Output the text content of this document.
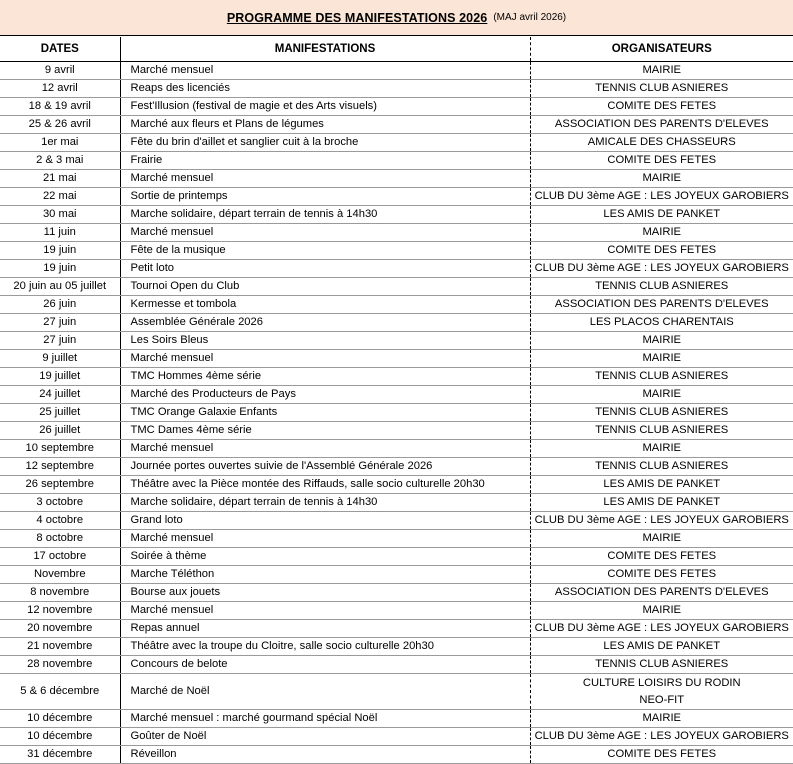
PROGRAMME DES MANIFESTATIONS 2026 (MAJ avril 2026)
DATES	MANIFESTATIONS	ORGANISATEURS
9 avril	Marché mensuel	MAIRIE

12 avril	Reaps des licenciés	TENNIS CLUB ASNIERES

18 & 19 avril	Fest'Illusion (festival de magie et des Arts visuels)	COMITE DES FETES

25 & 26 avril	Marché aux fleurs et Plans de légumes	ASSOCIATION DES PARENTS D'ELEVES

1er mai	Fête du brin d'aillet et sanglier cuit à la broche	AMICALE DES CHASSEURS

2 & 3 mai	Frairie	COMITE DES FETES

21 mai	Marché mensuel	MAIRIE

22 mai	Sortie de printemps	CLUB DU 3ème AGE : LES JOYEUX GAROBIERS

30 mai	Marche solidaire, départ terrain de tennis à 14h30	LES AMIS DE PANKET

11 juin	Marché mensuel	MAIRIE

19 juin	Fête de la musique	COMITE DES FETES

19 juin	Petit loto	CLUB DU 3ème AGE : LES JOYEUX GAROBIERS

20 juin au 05 juillet	Tournoi Open du Club	TENNIS CLUB ASNIERES

26 juin	Kermesse et tombola	ASSOCIATION DES PARENTS D'ELEVES

27 juin	Assemblée Générale 2026	LES PLACOS CHARENTAIS

27 juin	Les Soirs Bleus	MAIRIE

9 juillet	Marché mensuel	MAIRIE

19 juillet	TMC Hommes 4ème série	TENNIS CLUB ASNIERES

24 juillet	Marché des Producteurs de Pays	MAIRIE

25 juillet	TMC Orange Galaxie Enfants	TENNIS CLUB ASNIERES

26 juillet	TMC Dames 4ème série	TENNIS CLUB ASNIERES

10 septembre	Marché mensuel	MAIRIE

12 septembre	Journée portes ouvertes suivie de l'Assemblé Générale 2026	TENNIS CLUB ASNIERES

26 septembre	Théâtre avec la Pièce montée des Riffauds, salle socio culturelle 20h30	LES AMIS DE PANKET

3 octobre	Marche solidaire, départ terrain de tennis à 14h30	LES AMIS DE PANKET

4 octobre	Grand loto	CLUB DU 3ème AGE : LES JOYEUX GAROBIERS

8 octobre	Marché mensuel	MAIRIE

17 octobre	Soirée à thème	COMITE DES FETES

Novembre	Marche Téléthon	COMITE DES FETES

8 novembre	Bourse aux jouets	ASSOCIATION DES PARENTS D'ELEVES

12 novembre	Marché mensuel	MAIRIE

20 novembre	Repas annuel	CLUB DU 3ème AGE : LES JOYEUX GAROBIERS

21 novembre	Théâtre avec la troupe du Cloitre, salle socio culturelle 20h30	LES AMIS DE PANKET

28 novembre	Concours de belote	TENNIS CLUB ASNIERES

5 & 6 décembre	Marché de Noël	CULTURE LOISIRS DU RODIN
NEO-FIT

10 décembre	Marché mensuel : marché gourmand spécial Noël	MAIRIE

10 décembre	Goûter de Noël	CLUB DU 3ème AGE : LES JOYEUX GAROBIERS

31 décembre	Réveillon	COMITE DES FETES
